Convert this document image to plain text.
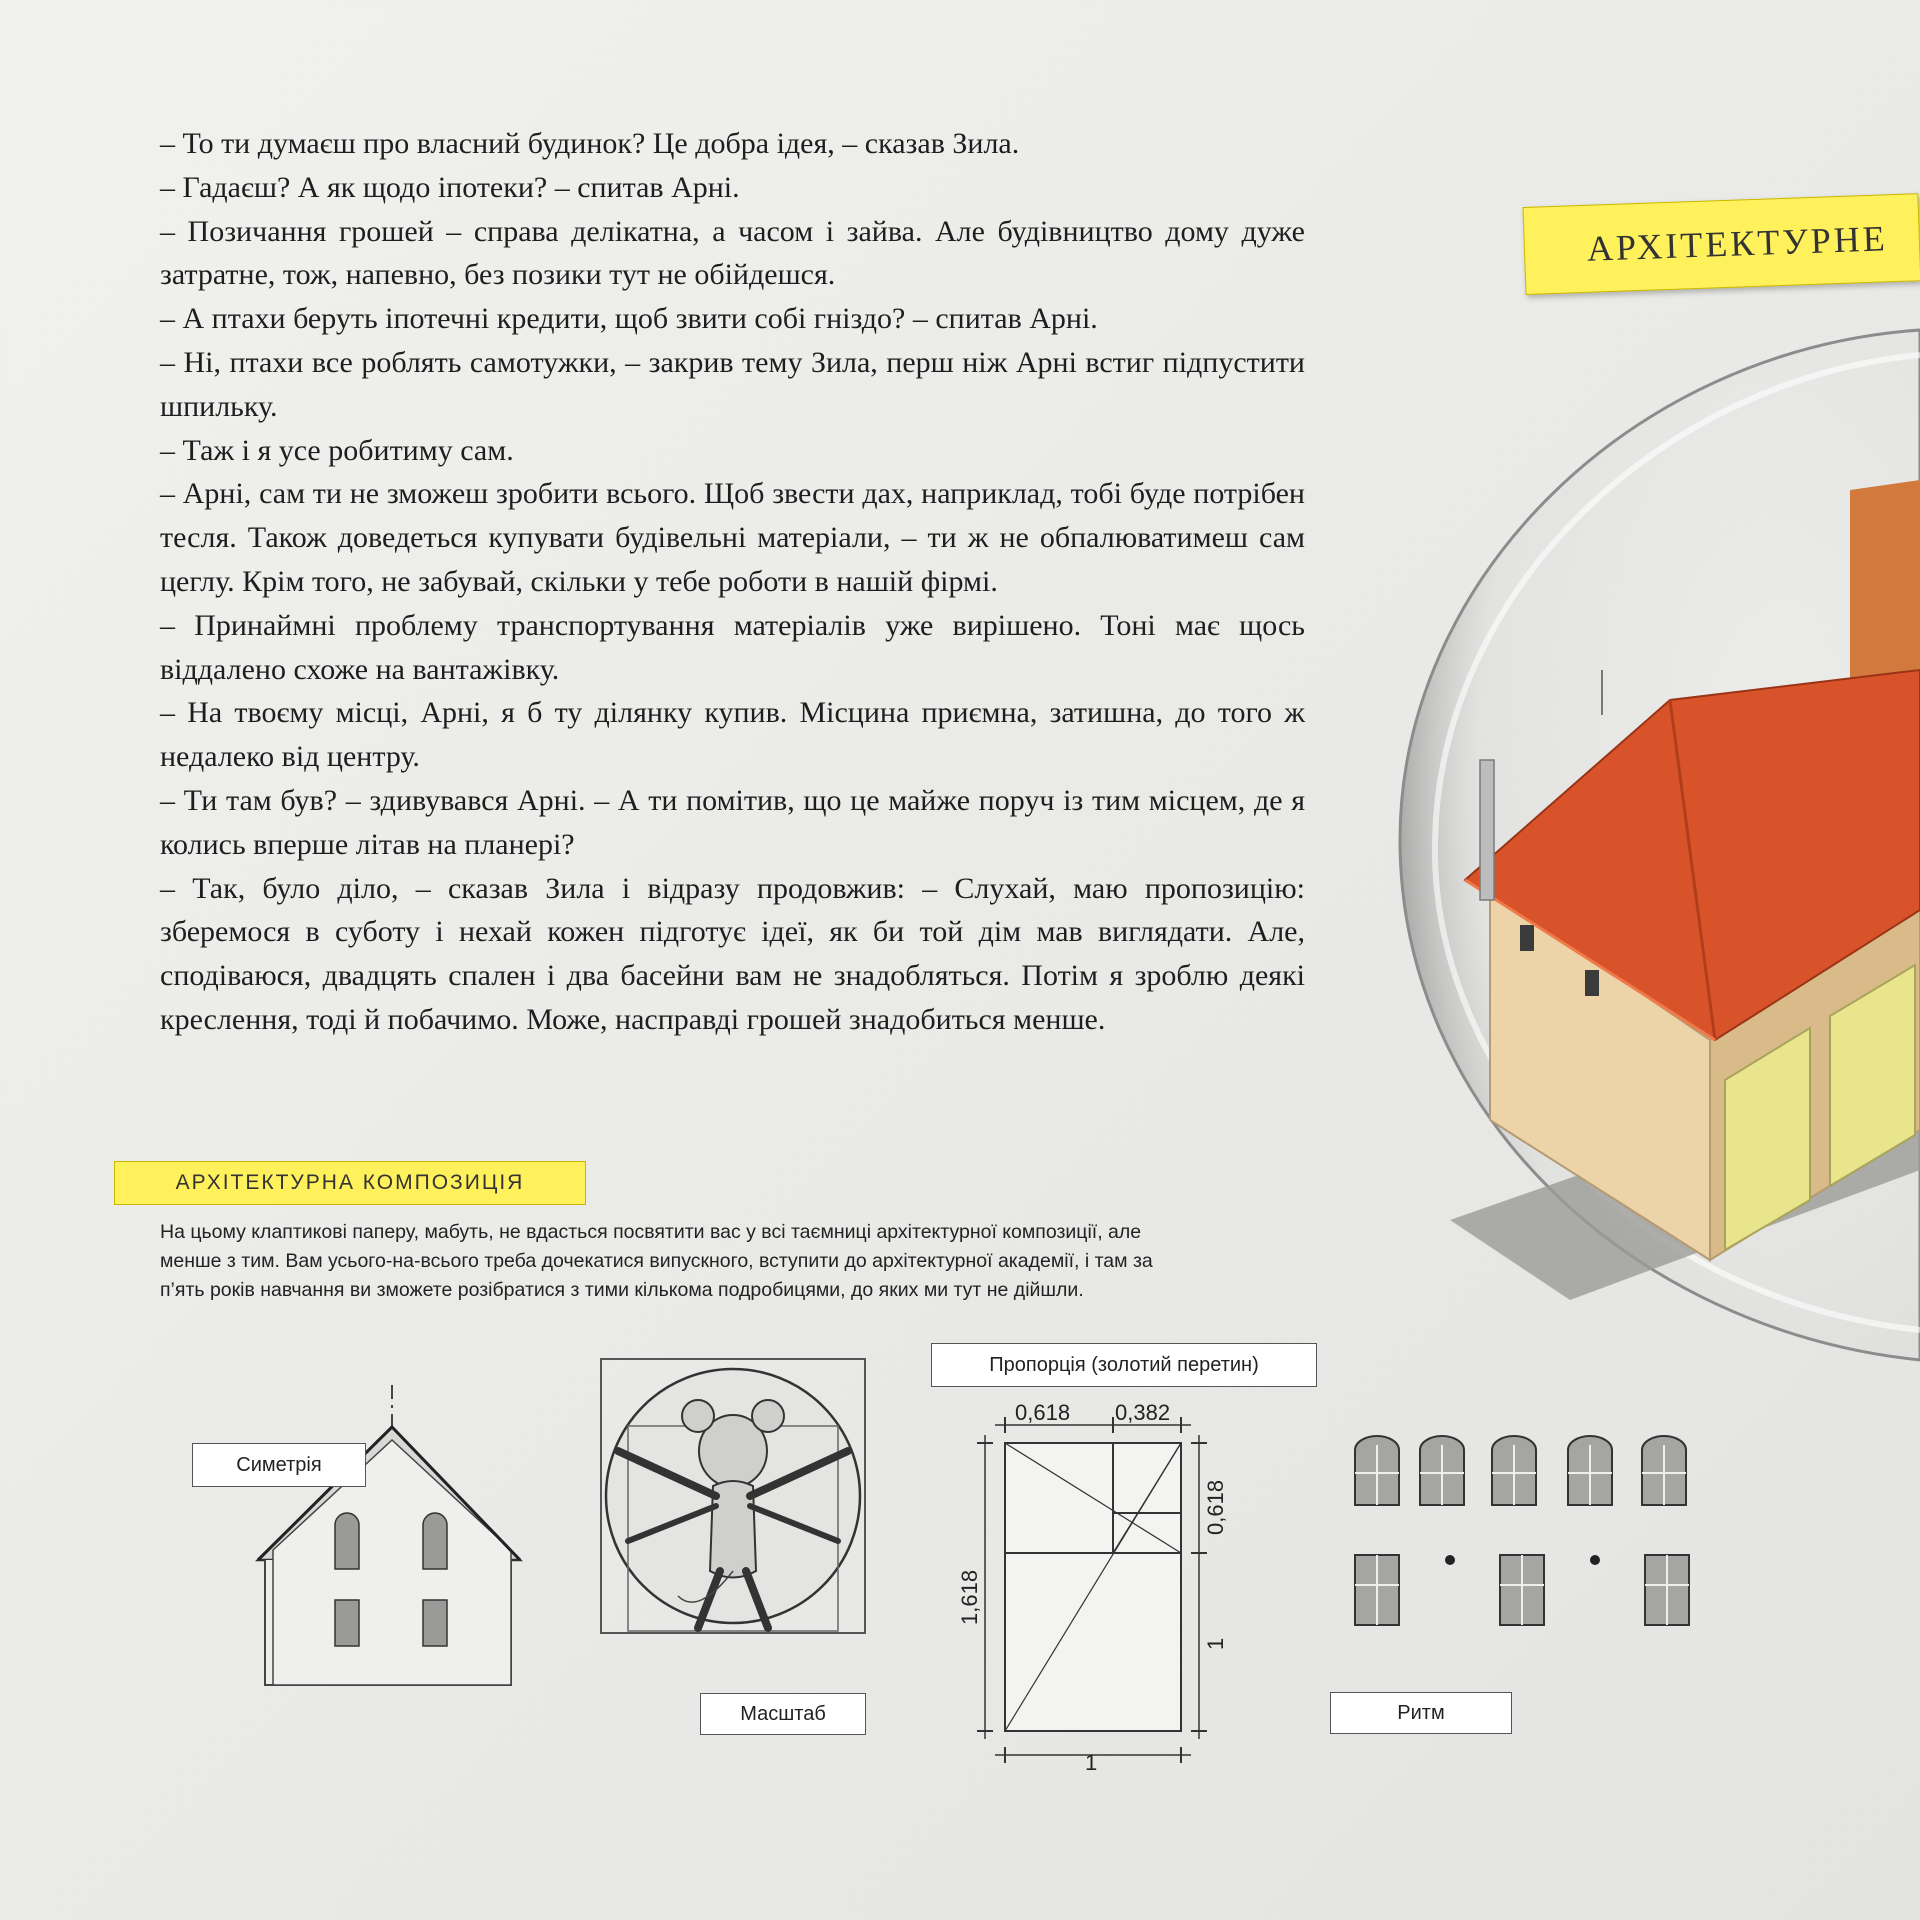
– То ти думаєш про власний будинок? Це добра ідея, – сказав Зила.

– Гадаєш? А як щодо іпотеки? – спитав Арні.

– Позичання грошей – справа делікатна, а часом і зайва. Але будівництво дому дуже затратне, тож, напевно, без позики тут не обійдешся.

– А птахи беруть іпотечні кредити, щоб звити собі гніздо? – спитав Арні.

– Ні, птахи все роблять самотужки, – закрив тему Зила, перш ніж Арні встиг підпустити шпильку.

– Таж і я усе робитиму сам.

– Арні, сам ти не зможеш зробити всього. Щоб звести дах, наприклад, тобі буде потрібен тесля. Також доведеться купувати будівельні матеріали, – ти ж не обпалюватимеш сам цеглу. Крім того, не забувай, скільки у тебе роботи в нашій фірмі.

– Принаймні проблему транспортування матеріалів уже вирішено. Тоні має щось віддалено схоже на вантажівку.

– На твоєму місці, Арні, я б ту ділянку купив. Місцина приємна, затишна, до того ж недалеко від центру.

– Ти там був? – здивувався Арні. – А ти помітив, що це майже поруч із тим місцем, де я колись вперше літав на планері?

– Так, було діло, – сказав Зила і відразу продовжив: – Слухай, маю пропозицію: зберемося в суботу і нехай кожен підготує ідеї, як би той дім мав виглядати. Але, сподіваюся, двадцять спален і два басейни вам не знадобляться. Потім я зроблю деякі креслення, тоді й побачимо. Може, насправді грошей знадобиться менше.

АРХІТЕКТУРНЕ
АРХІТЕКТУРНА КОМПОЗИЦІЯ

На цьому клаптикові паперу, мабуть, не вдасться посвятити вас у всі таємниці архітектурної композиції, але менше з тим. Вам усього-на-всього треба дочекатися випускного, вступити до архітектурної академії, і там за п’ять років навчання ви зможете розібратися з тими кількома подробицями, до яких ми тут не дійшли.

Симетрія
Масштаб
Пропорція (золотий перетин)
0,618 0,382
0,618
1
1,618
1
Ритм
